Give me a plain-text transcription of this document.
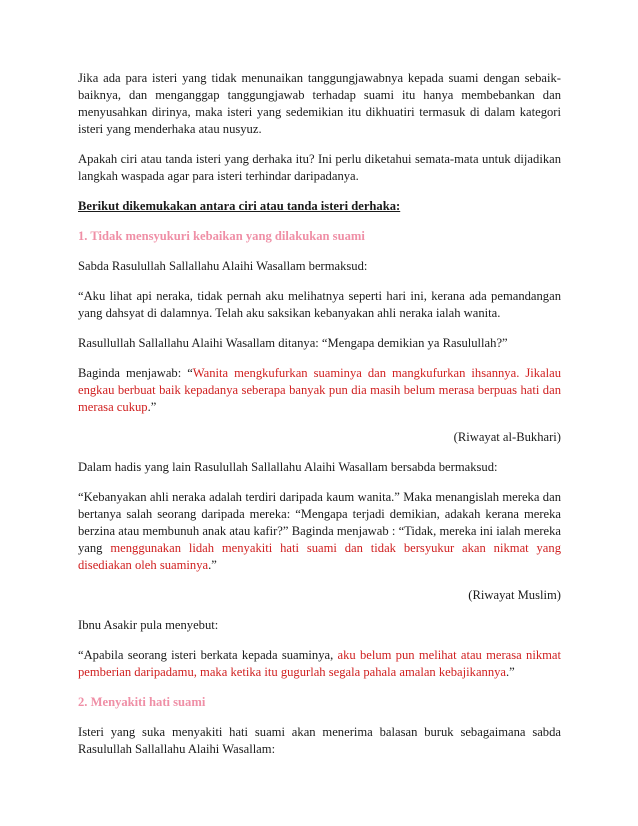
Jika ada para isteri yang tidak menunaikan tanggungjawabnya kepada suami dengan sebaik-baiknya, dan menganggap tanggungjawab terhadap suami itu hanya membebankan dan menyusahkan dirinya, maka isteri yang sedemikian itu dikhuatiri termasuk di dalam kategori isteri yang menderhaka atau nusyuz.

Apakah ciri atau tanda isteri yang derhaka itu? Ini perlu diketahui semata-mata untuk dijadikan langkah waspada agar para isteri terhindar daripadanya.

Berikut dikemukakan antara ciri atau tanda isteri derhaka:

1. Tidak mensyukuri kebaikan yang dilakukan suami

Sabda Rasulullah Sallallahu Alaihi Wasallam bermaksud:

“Aku lihat api neraka, tidak pernah aku melihatnya seperti hari ini, kerana ada pemandangan yang dahsyat di dalamnya. Telah aku saksikan kebanyakan ahli neraka ialah wanita.

Rasullullah Sallallahu Alaihi Wasallam ditanya: “Mengapa demikian ya Rasulullah?”

Baginda menjawab: “Wanita mengkufurkan suaminya dan mangkufurkan ihsannya. Jikalau engkau berbuat baik kepadanya seberapa banyak pun dia masih belum merasa berpuas hati dan merasa cukup.”

(Riwayat al-Bukhari)

Dalam hadis yang lain Rasulullah Sallallahu Alaihi Wasallam bersabda bermaksud:

“Kebanyakan ahli neraka adalah terdiri daripada kaum wanita.” Maka menangislah mereka dan bertanya salah seorang daripada mereka: “Mengapa terjadi demikian, adakah kerana mereka berzina atau membunuh anak atau kafir?” Baginda menjawab : “Tidak, mereka ini ialah mereka yang menggunakan lidah menyakiti hati suami dan tidak bersyukur akan nikmat yang disediakan oleh suaminya.”

(Riwayat Muslim)

Ibnu Asakir pula menyebut:

“Apabila seorang isteri berkata kepada suaminya, aku belum pun melihat atau merasa nikmat pemberian daripadamu, maka ketika itu gugurlah segala pahala amalan kebajikannya.”

2. Menyakiti hati suami

Isteri yang suka menyakiti hati suami akan menerima balasan buruk sebagaimana sabda Rasulullah Sallallahu Alaihi Wasallam:
